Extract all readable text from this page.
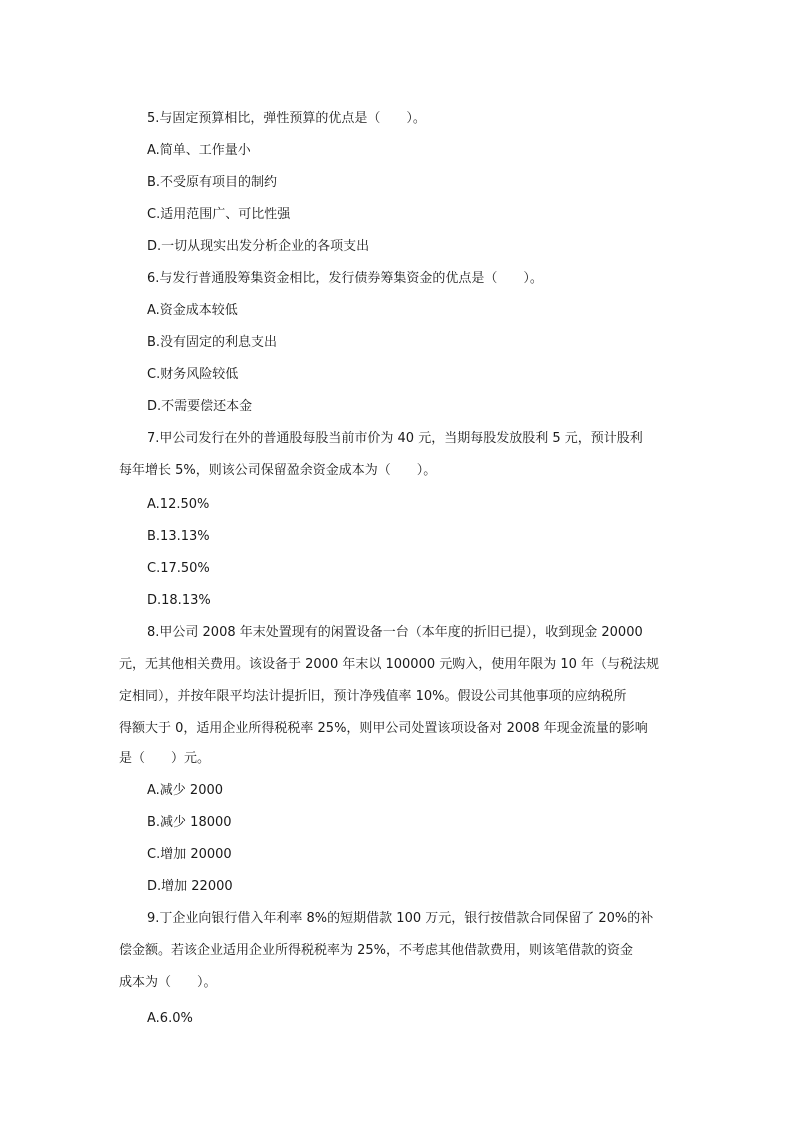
5.与固定预算相比，弹性预算的优点是（　　）。
A.简单、工作量小
B.不受原有项目的制约
C.适用范围广、可比性强
D.一切从现实出发分析企业的各项支出
6.与发行普通股筹集资金相比，发行债券筹集资金的优点是（　　）。
A.资金成本较低
B.没有固定的利息支出
C.财务风险较低
D.不需要偿还本金
7.甲公司发行在外的普通股每股当前市价为 40 元，当期每股发放股利 5 元，预计股利
每年增长 5%，则该公司保留盈余资金成本为（　　）。
A.12.50%
B.13.13%
C.17.50%
D.18.13%
8.甲公司 2008 年末处置现有的闲置设备一台（本年度的折旧已提），收到现金 20000
元，无其他相关费用。该设备于 2000 年末以 100000 元购入，使用年限为 10 年（与税法规
定相同），并按年限平均法计提折旧，预计净残值率 10%。假设公司其他事项的应纳税所
得额大于 0，适用企业所得税税率 25%，则甲公司处置该项设备对 2008 年现金流量的影响
是（　　）元。
A.减少 2000
B.减少 18000
C.增加 20000
D.增加 22000
9.丁企业向银行借入年利率 8%的短期借款 100 万元，银行按借款合同保留了 20%的补
偿金额。若该企业适用企业所得税税率为 25%，不考虑其他借款费用，则该笔借款的资金
成本为（　　）。
A.6.0%
